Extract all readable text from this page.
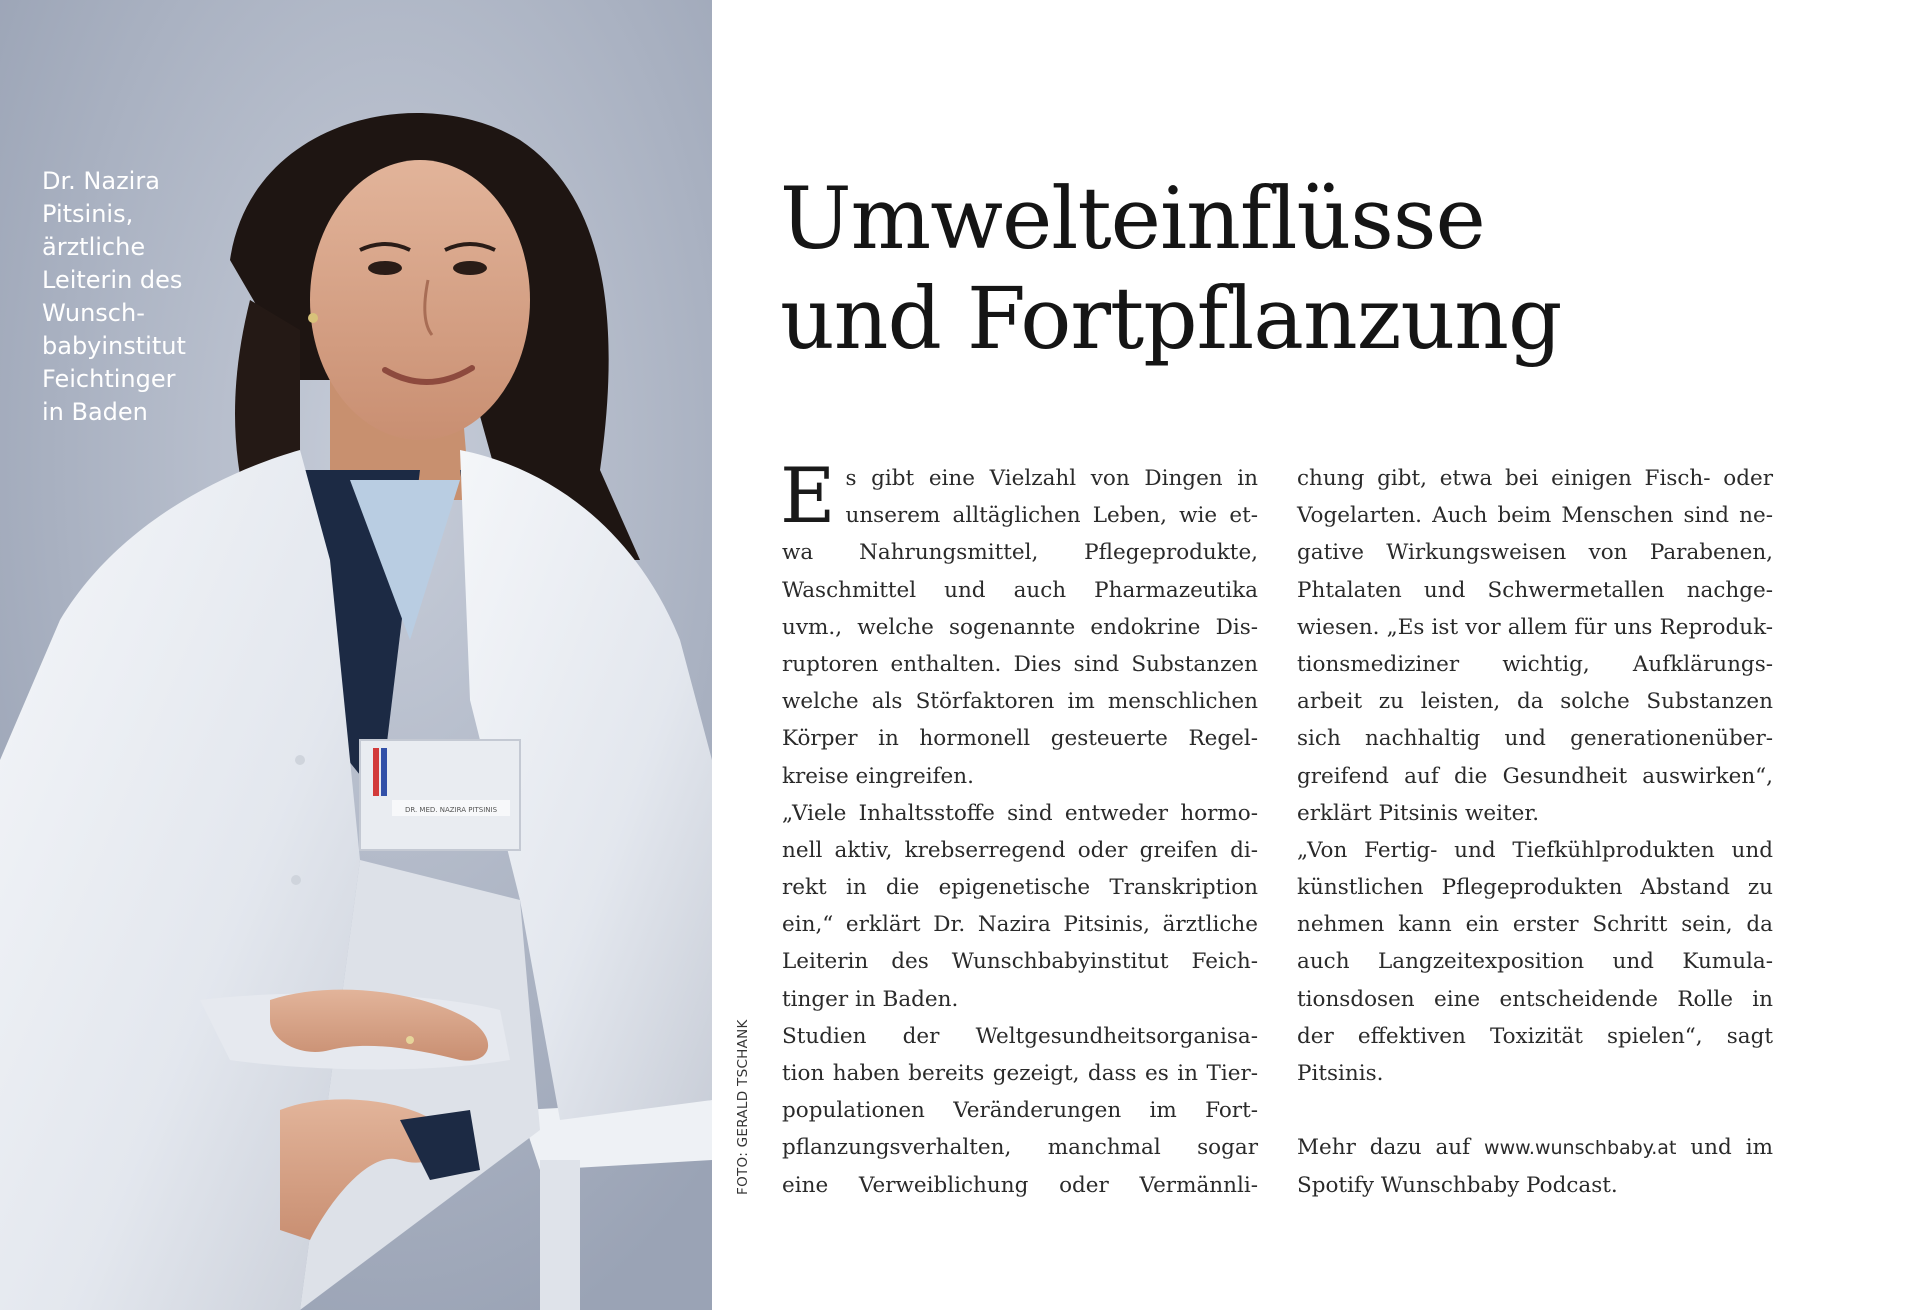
DR. MED. NAZIRA PITSINIS
Dr. Nazira
Pitsinis,
ärztliche
Leiterin des
Wunsch-
babyinstitut
Feichtinger
in Baden
FOTO: GERALD TSCHANK
Umwelteinflüsse
und Fortpflanzung
E s gibt eine Vielzahl von Dingen in
unserem alltäglichen Leben, wie et-
wa Nahrungsmittel, Pflegeprodukte,
Waschmittel und auch Pharmazeutika
uvm., welche sogenannte endokrine Dis-
ruptoren enthalten. Dies sind Substanzen
welche als Störfaktoren im menschlichen
Körper in hormonell gesteuerte Regel-
kreise eingreifen.
„Viele Inhaltsstoffe sind entweder hormo-
nell aktiv, krebserregend oder greifen di-
rekt in die epigenetische Transkription
ein,“ erklärt Dr. Nazira Pitsinis, ärztliche
Leiterin des Wunschbabyinstitut Feich-
tinger in Baden.
Studien der Weltgesundheitsorganisa-
tion haben bereits gezeigt, dass es in Tier-
populationen Veränderungen im Fort-
pflanzungsverhalten, manchmal sogar
eine Verweiblichung oder Vermännli-
chung gibt, etwa bei einigen Fisch- oder
Vogelarten. Auch beim Menschen sind ne-
gative Wirkungsweisen von Parabenen,
Phtalaten und Schwermetallen nachge-
wiesen. „Es ist vor allem für uns Reproduk-
tionsmediziner wichtig, Aufklärungs-
arbeit zu leisten, da solche Substanzen
sich nachhaltig und generationenüber-
greifend auf die Gesundheit auswirken“,
erklärt Pitsinis weiter.
„Von Fertig- und Tiefkühlprodukten und
künstlichen Pflegeprodukten Abstand zu
nehmen kann ein erster Schritt sein, da
auch Langzeitexposition und Kumula-
tionsdosen eine entscheidende Rolle in
der effektiven Toxizität spielen“, sagt
Pitsinis.
Mehr dazu auf www.wunschbaby.at und im
Spotify Wunschbaby Podcast.
